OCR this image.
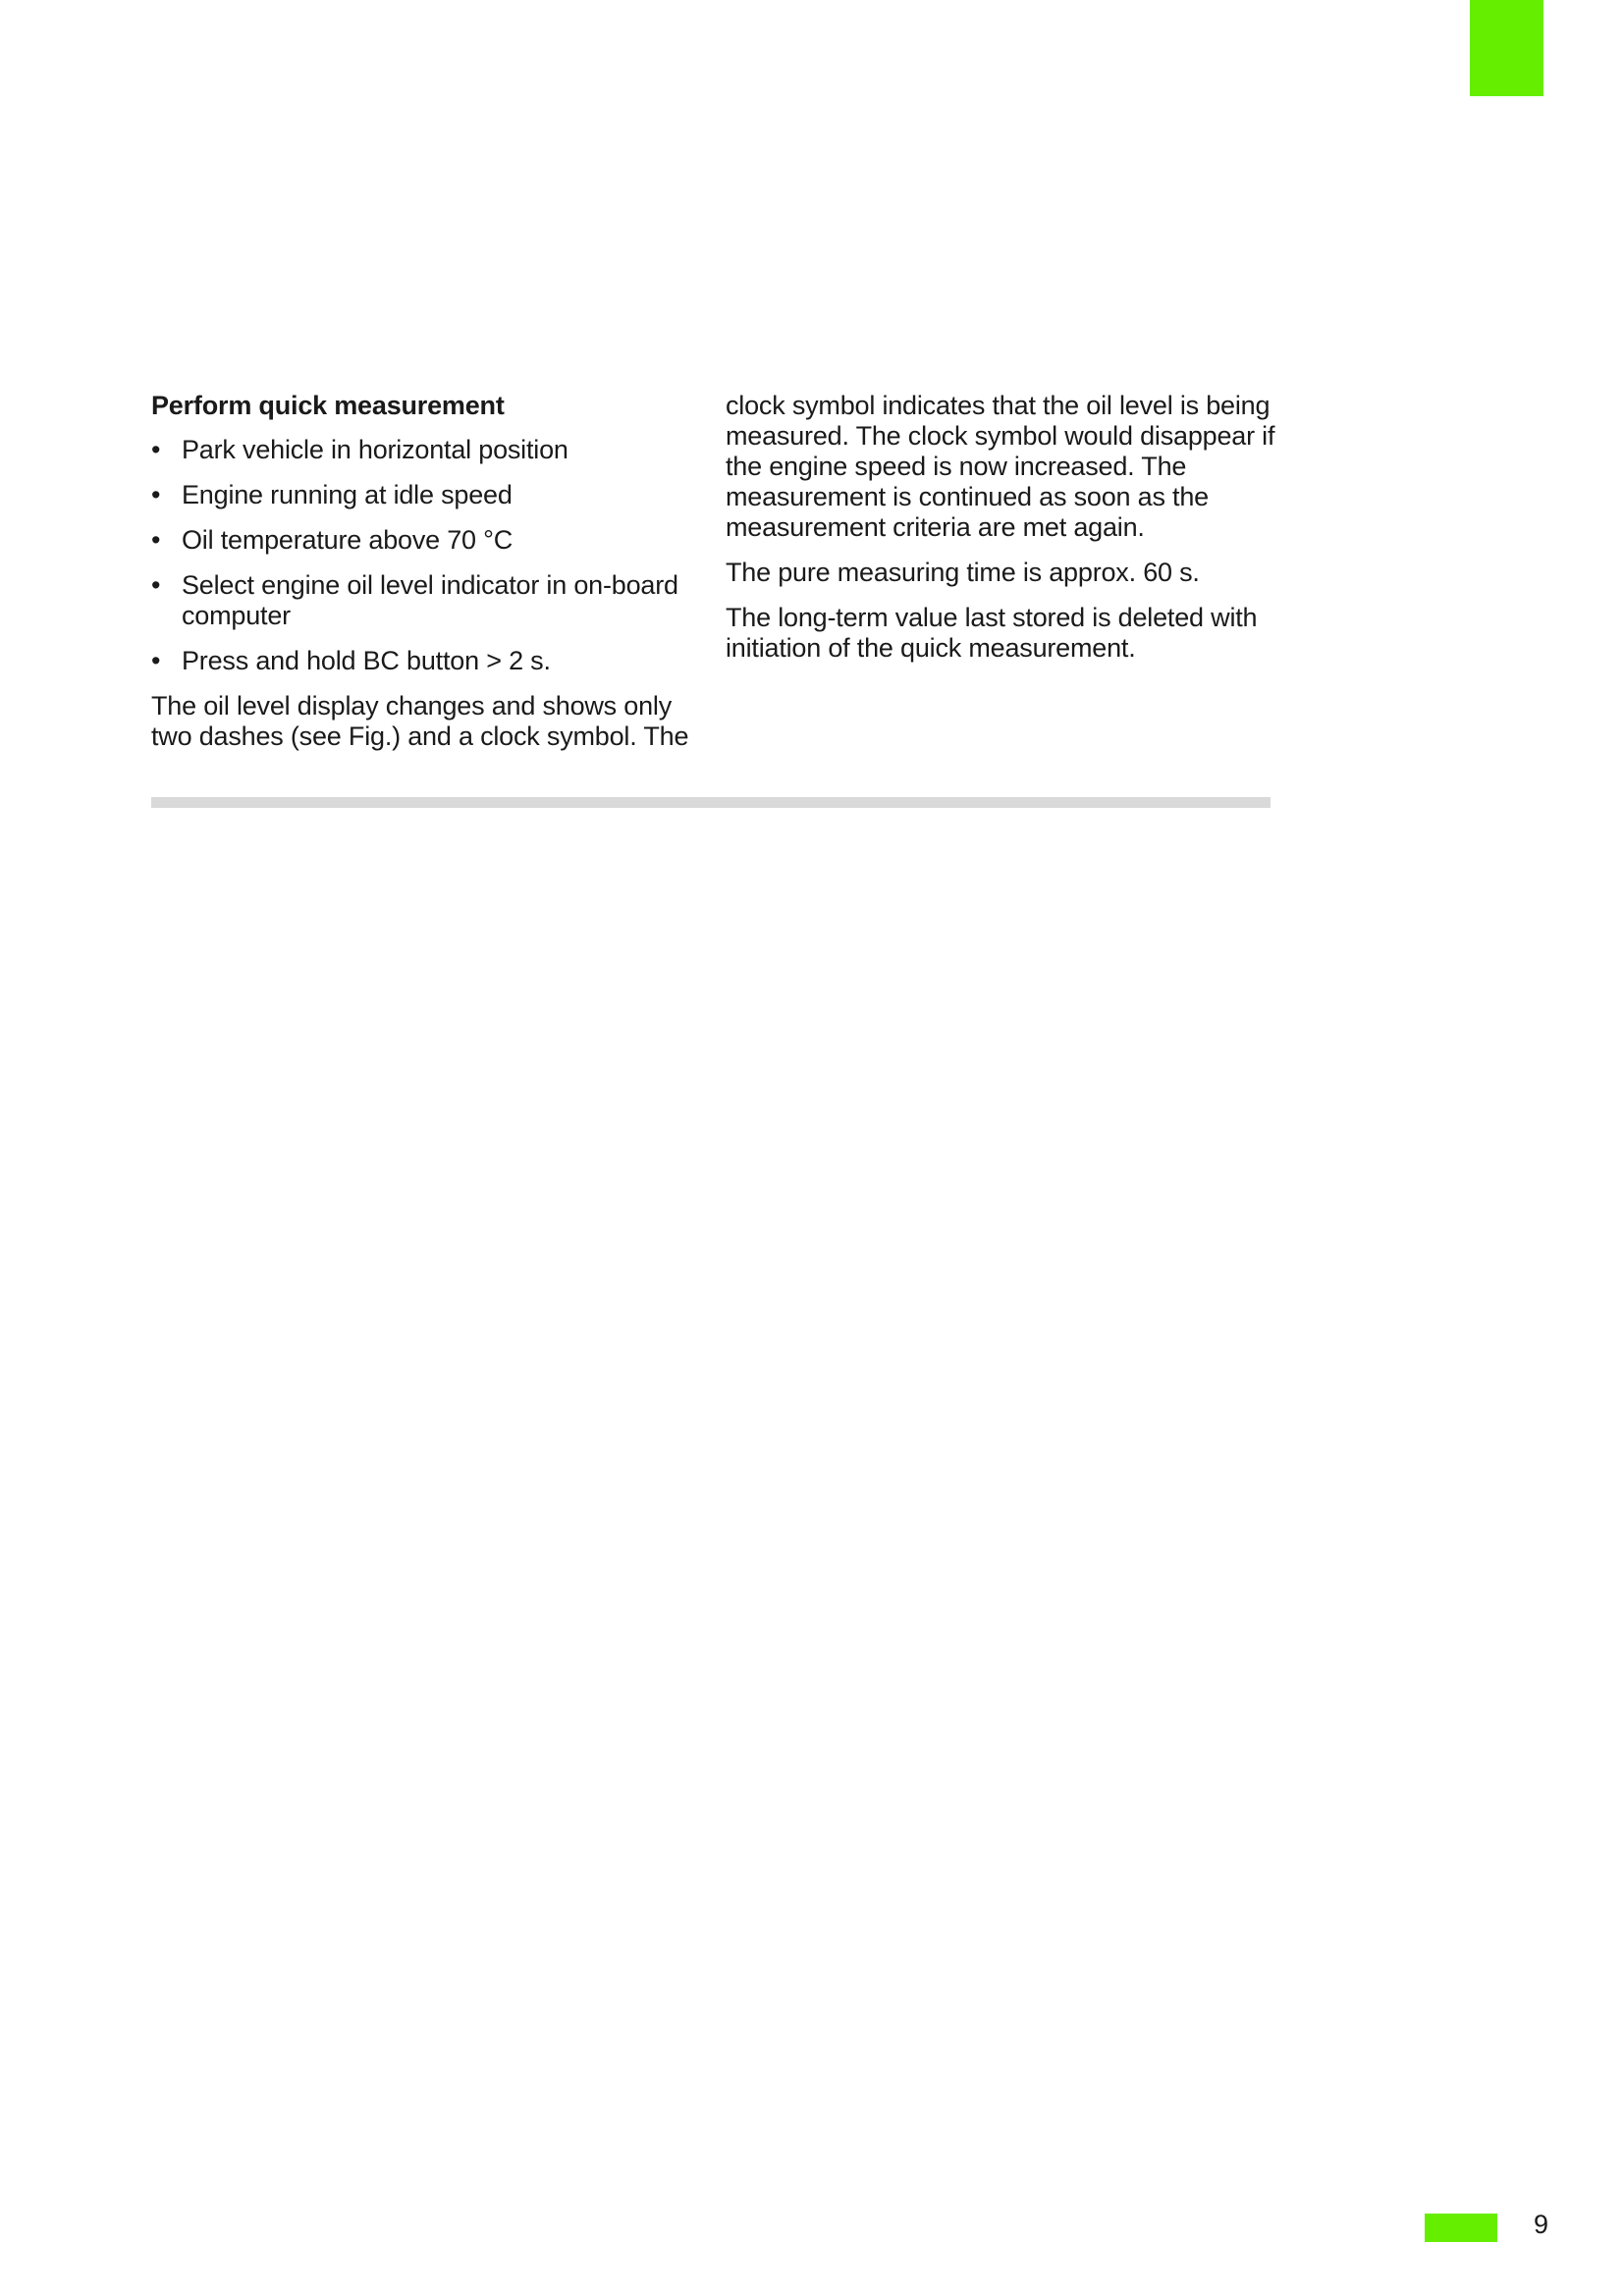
Perform quick measurement
• Park vehicle in horizontal position
• Engine running at idle speed
• Oil temperature above 70 °C
• Select engine oil level indicator in on-board computer
• Press and hold BC button > 2 s.

The oil level display changes and shows only two dashes (see Fig.) and a clock symbol. The

clock symbol indicates that the oil level is being measured. The clock symbol would disappear if the engine speed is now increased. The measurement is continued as soon as the measurement criteria are met again.

The pure measuring time is approx. 60 s.

The long-term value last stored is deleted with initiation of the quick measurement.

9
